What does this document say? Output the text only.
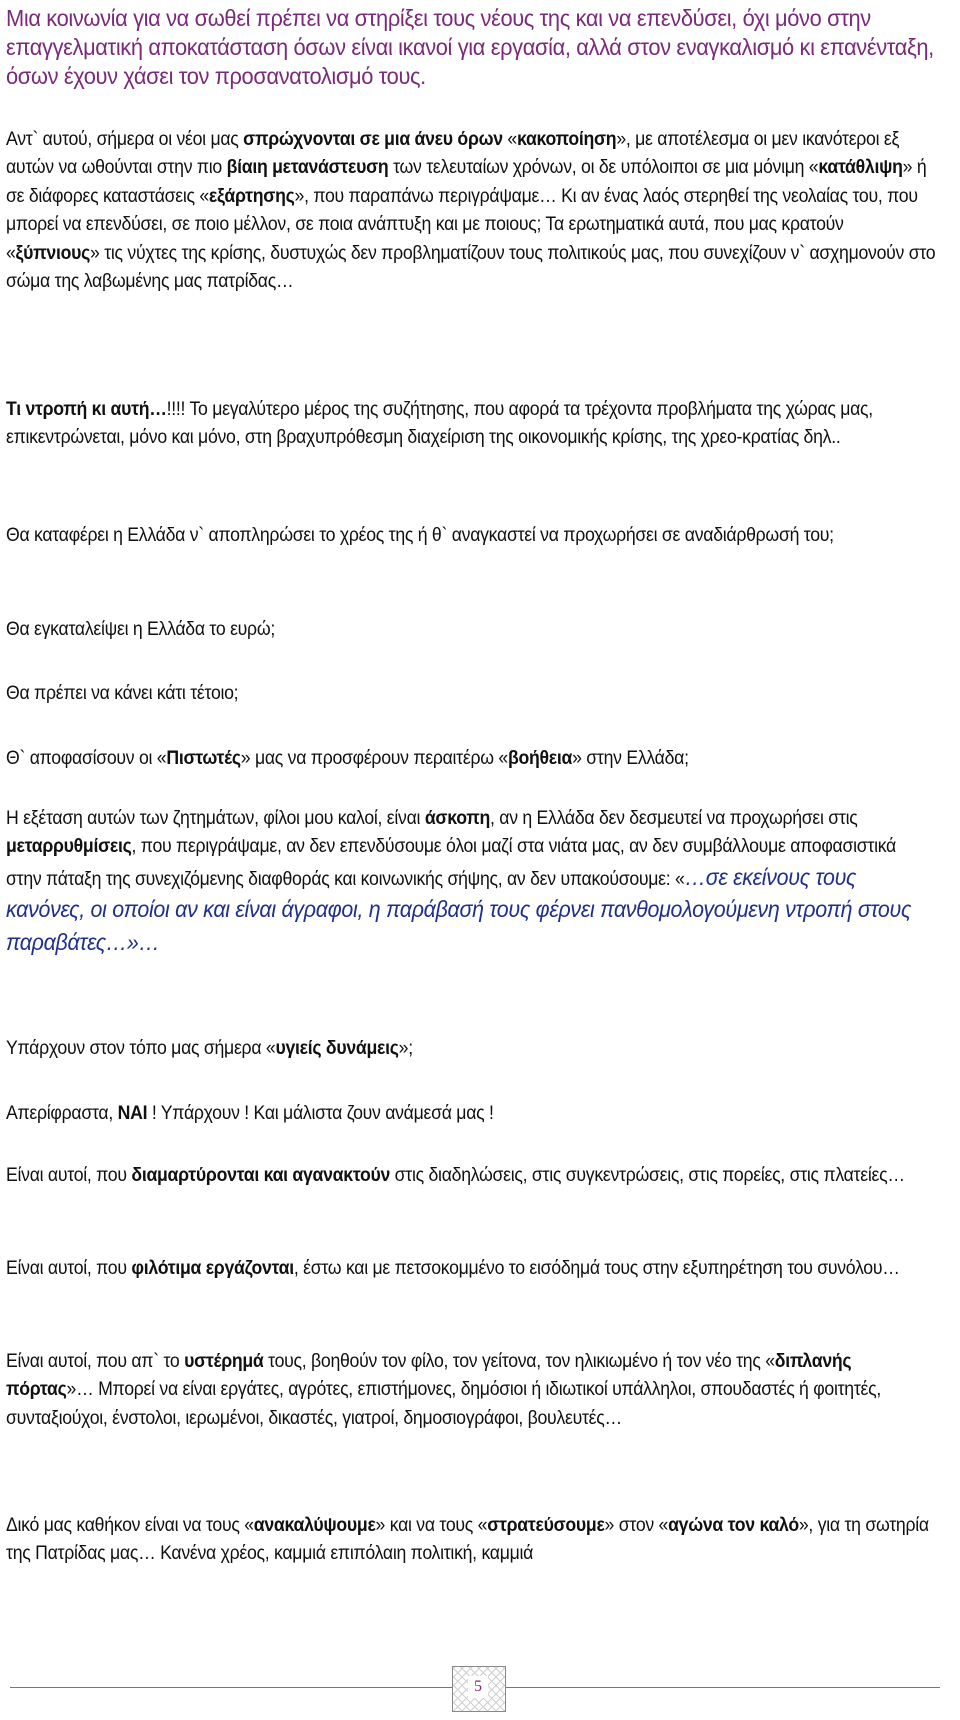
Μια κοινωνία για να σωθεί πρέπει να στηρίξει τους νέους της και να επενδύσει, όχι μόνο στην επαγγελματική αποκατάσταση όσων είναι ικανοί για εργασία, αλλά στον εναγκαλισμό κι επανένταξη, όσων έχουν χάσει τον προσανατολισμό τους.

Αντ` αυτού, σήμερα οι νέοι μας σπρώχνονται σε μια άνευ όρων «κακοποίηση», με αποτέλεσμα οι μεν ικανότεροι εξ αυτών να ωθούνται στην πιο βίαιη μετανάστευση των τελευταίων χρόνων, οι δε υπόλοιποι σε μια μόνιμη «κατάθλιψη» ή σε διάφορες καταστάσεις «εξάρτησης», που παραπάνω περιγράψαμε… Κι αν ένας λαός στερηθεί της νεολαίας του, που μπορεί να επενδύσει, σε ποιο μέλλον, σε ποια ανάπτυξη και με ποιους; Τα ερωτηματικά αυτά, που μας κρατούν «ξύπνιους» τις νύχτες της κρίσης, δυστυχώς δεν προβληματίζουν τους πολιτικούς μας, που συνεχίζουν ν` ασχημονούν στο σώμα της λαβωμένης μας πατρίδας…

Τι ντροπή κι αυτή…!!!! Το μεγαλύτερο μέρος της συζήτησης, που αφορά τα τρέχοντα προβλήματα της χώρας μας, επικεντρώνεται, μόνο και μόνο, στη βραχυπρόθεσμη διαχείριση της οικονομικής κρίσης, της χρεο-κρατίας δηλ..

Θα καταφέρει η Ελλάδα ν` αποπληρώσει το χρέος της ή θ` αναγκαστεί να προχωρήσει σε αναδιάρθρωσή του;

Θα εγκαταλείψει η Ελλάδα το ευρώ;

Θα πρέπει να κάνει κάτι τέτοιο;

Θ` αποφασίσουν οι «Πιστωτές» μας να προσφέρουν περαιτέρω «βοήθεια» στην Ελλάδα;

Η εξέταση αυτών των ζητημάτων, φίλοι μου καλοί, είναι άσκοπη, αν η Ελλάδα δεν δεσμευτεί να προχωρήσει στις μεταρρυθμίσεις, που περιγράψαμε, αν δεν επενδύσουμε όλοι μαζί στα νιάτα μας, αν δεν συμβάλλουμε αποφασιστικά στην πάταξη της συνεχιζόμενης διαφθοράς και κοινωνικής σήψης, αν δεν υπακούσουμε: «…σε εκείνους τους κανόνες, οι οποίοι αν και είναι άγραφοι, η παράβασή τους φέρνει πανθομολογούμενη ντροπή στους παραβάτες…»…

Υπάρχουν στον τόπο μας σήμερα «υγιείς δυνάμεις»;

Απερίφραστα, ΝΑΙ ! Υπάρχουν ! Και μάλιστα ζουν ανάμεσά μας !

Είναι αυτοί, που διαμαρτύρονται και αγανακτούν στις διαδηλώσεις, στις συγκεντρώσεις, στις πορείες, στις πλατείες…

Είναι αυτοί, που φιλότιμα εργάζονται, έστω και με πετσοκομμένο το εισόδημά τους στην εξυπηρέτηση του συνόλου…

Είναι αυτοί, που απ` το υστέρημά τους, βοηθούν τον φίλο, τον γείτονα, τον ηλικιωμένο ή τον νέο της «διπλανής πόρτας»… Μπορεί να είναι εργάτες, αγρότες, επιστήμονες, δημόσιοι ή ιδιωτικοί υπάλληλοι, σπουδαστές ή φοιτητές, συνταξιούχοι, ένστολοι, ιερωμένοι, δικαστές, γιατροί, δημοσιογράφοι, βουλευτές…

Δικό μας καθήκον είναι να τους «ανακαλύψουμε» και να τους «στρατεύσουμε» στον «αγώνα τον καλό», για τη σωτηρία της Πατρίδας μας… Κανένα χρέος, καμμιά επιπόλαιη πολιτική, καμμιά

5
